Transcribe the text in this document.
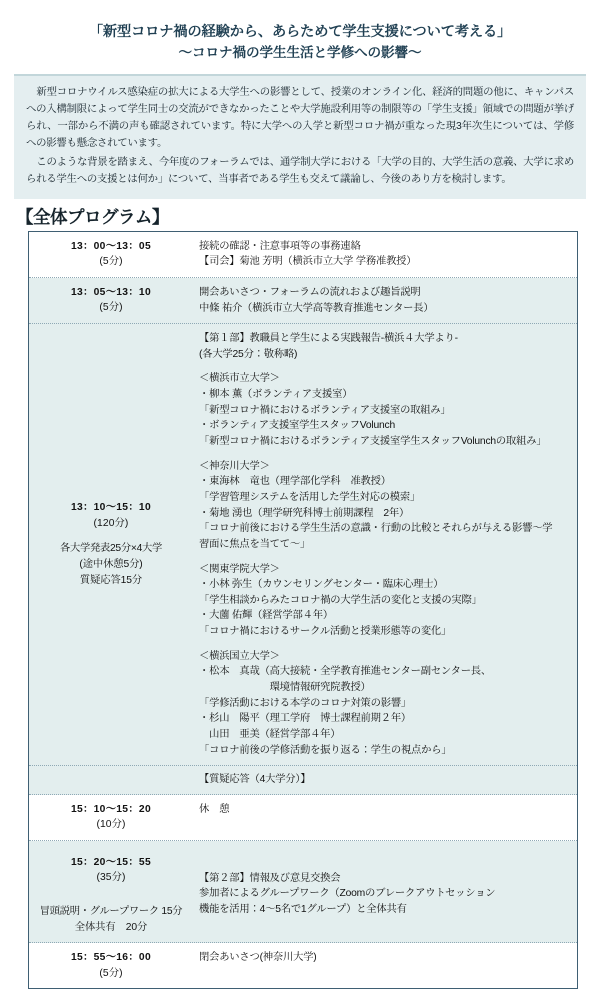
「新型コロナ禍の経験から、あらためて学生支援について考える」
～コロナ禍の学生生活と学修への影響～

新型コロナウイルス感染症の拡大による大学生への影響として、授業のオンライン化、経済的問題の他に、キャンパスへの入構制限によって学生同士の交流ができなかったことや大学施設利用等の制限等の「学生支援」領域での問題が挙げられ、一部から不満の声も確認されています。特に大学への入学と新型コロナ禍が重なった現3年次生については、学修への影響も懸念されています。

このような背景を踏まえ、今年度のフォーラムでは、通学制大学における「大学の目的、大学生活の意義、大学に求められる学生への支援とは何か」について、当事者である学生も交えて議論し、今後のあり方を検討します。

【全体プログラム】
13：00～13：05
(5分)
接続の確認・注意事項等の事務連絡
【司会】菊池 芳明（横浜市立大学 学務准教授）
13：05～13：10
(5分)
開会あいさつ・フォーラムの流れおよび趣旨説明
中條 祐介（横浜市立大学高等教育推進センター長）
13：10～15：10
(120分)
各大学発表25分×4大学
(途中休憩5分)
質疑応答15分
【第１部】教職員と学生による実践報告-横浜４大学より-
(各大学25分：敬称略)
＜横浜市立大学＞
・柳本 薫（ボランティア支援室）
「新型コロナ禍におけるボランティア支援室の取組み」
・ボランティア支援室学生スタッフVolunch
「新型コロナ禍におけるボランティア支援室学生スタッフVolunchの取組み」
＜神奈川大学＞
・東海林　竜也（理学部化学科　准教授）
「学習管理システムを活用した学生対応の模索」
・菊地 湧也（理学研究科博士前期課程　2年）
「コロナ前後における学生生活の意識・行動の比較とそれらが与える影響～学
習面に焦点を当てて～」
＜関東学院大学＞
・小林 弥生（カウンセリングセンター・臨床心理士）
「学生相談からみたコロナ禍の大学生活の変化と支援の実際」
・大薗 佑輝（経営学部４年）
「コロナ禍におけるサークル活動と授業形態等の変化」
＜横浜国立大学＞
・松本　真哉（高大接続・全学教育推進センター副センター長、
　　　　　　　環境情報研究院教授）
「学修活動における本学のコロナ対策の影響」
・杉山　陽平（理工学府　博士課程前期２年）
　山田　亜美（経営学部４年）
「コロナ前後の学修活動を振り返る：学生の視点から」
【質疑応答（4大学分）】
15：10～15：20
(10分)
休　憩
15：20～15：55
(35分)
冒頭説明・グループワーク 15分
全体共有　20分
【第２部】情報及び意見交換会
参加者によるグループワーク（Zoomのブレークアウトセッション
機能を活用：4～5名で1グループ）と全体共有
15：55～16：00
(5分)
閉会あいさつ(神奈川大学)
